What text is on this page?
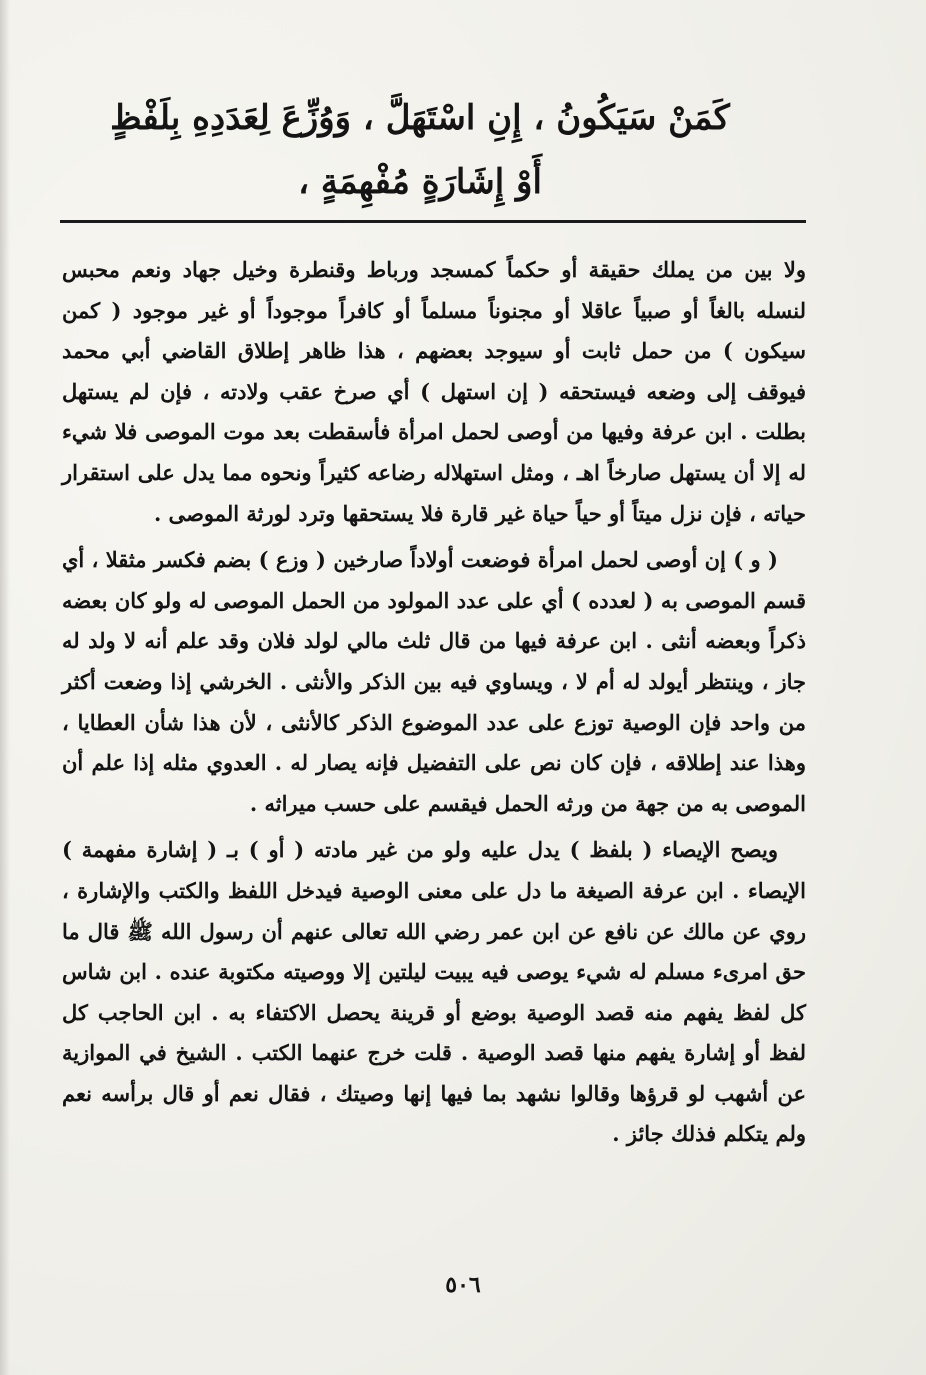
كَمَنْ سَيَكُونُ ، إِنِ اسْتَهَلَّ ، وَوُزِّعَ لِعَدَدِهِ بِلَفْظٍ
أَوْ إِشَارَةٍ مُفْهِمَةٍ ،

ولا بين من يملك حقيقة أو حكماً كمسجد ورباط وقنطرة وخيل جهاد ونعم محبس لنسله بالغاً أو صبياً عاقلا أو مجنوناً مسلماً أو كافراً موجوداً أو غير موجود ( كمن سيكون ) من حمل ثابت أو سيوجد بعضهم ، هذا ظاهر إطلاق القاضي أبي محمد فيوقف إلى وضعه فيستحقه ( إن استهل ) أي صرخ عقب ولادته ، فإن لم يستهل بطلت . ابن عرفة وفيها من أوصى لحمل امرأة فأسقطت بعد موت الموصى فلا شيء له إلا أن يستهل صارخاً اهـ ، ومثل استهلاله رضاعه كثيراً ونحوه مما يدل على استقرار حياته ، فإن نزل ميتاً أو حياً حياة غير قارة فلا يستحقها وترد لورثة الموصى .

( و ) إن أوصى لحمل امرأة فوضعت أولاداً صارخين ( وزع ) بضم فكسر مثقلا ، أي قسم الموصى به ( لعدده ) أي على عدد المولود من الحمل الموصى له ولو كان بعضه ذكراً وبعضه أنثى . ابن عرفة فيها من قال ثلث مالي لولد فلان وقد علم أنه لا ولد له جاز ، وينتظر أيولد له أم لا ، ويساوي فيه بين الذكر والأنثى . الخرشي إذا وضعت أكثر من واحد فإن الوصية توزع على عدد الموضوع الذكر كالأنثى ، لأن هذا شأن العطايا ، وهذا عند إطلاقه ، فإن كان نص على التفضيل فإنه يصار له . العدوي مثله إذا علم أن الموصى به من جهة من ورثه الحمل فيقسم على حسب ميراثه .

ويصح الإيصاء ( بلفظ ) يدل عليه ولو من غير مادته ( أو ) بـ ( إشارة مفهمة ) الإيصاء . ابن عرفة الصيغة ما دل على معنى الوصية فيدخل اللفظ والكتب والإشارة ، روي عن مالك عن نافع عن ابن عمر رضي الله تعالى عنهم أن رسول الله ﷺ قال ما حق امرىء مسلم له شيء يوصى فيه يبيت ليلتين إلا ووصيته مكتوبة عنده . ابن شاس كل لفظ يفهم منه قصد الوصية بوضع أو قرينة يحصل الاكتفاء به . ابن الحاجب كل لفظ أو إشارة يفهم منها قصد الوصية . قلت خرج عنهما الكتب . الشيخ في الموازية عن أشهب لو قرؤها وقالوا نشهد بما فيها إنها وصيتك ، فقال نعم أو قال برأسه نعم ولم يتكلم فذلك جائز .

٥٠٦
